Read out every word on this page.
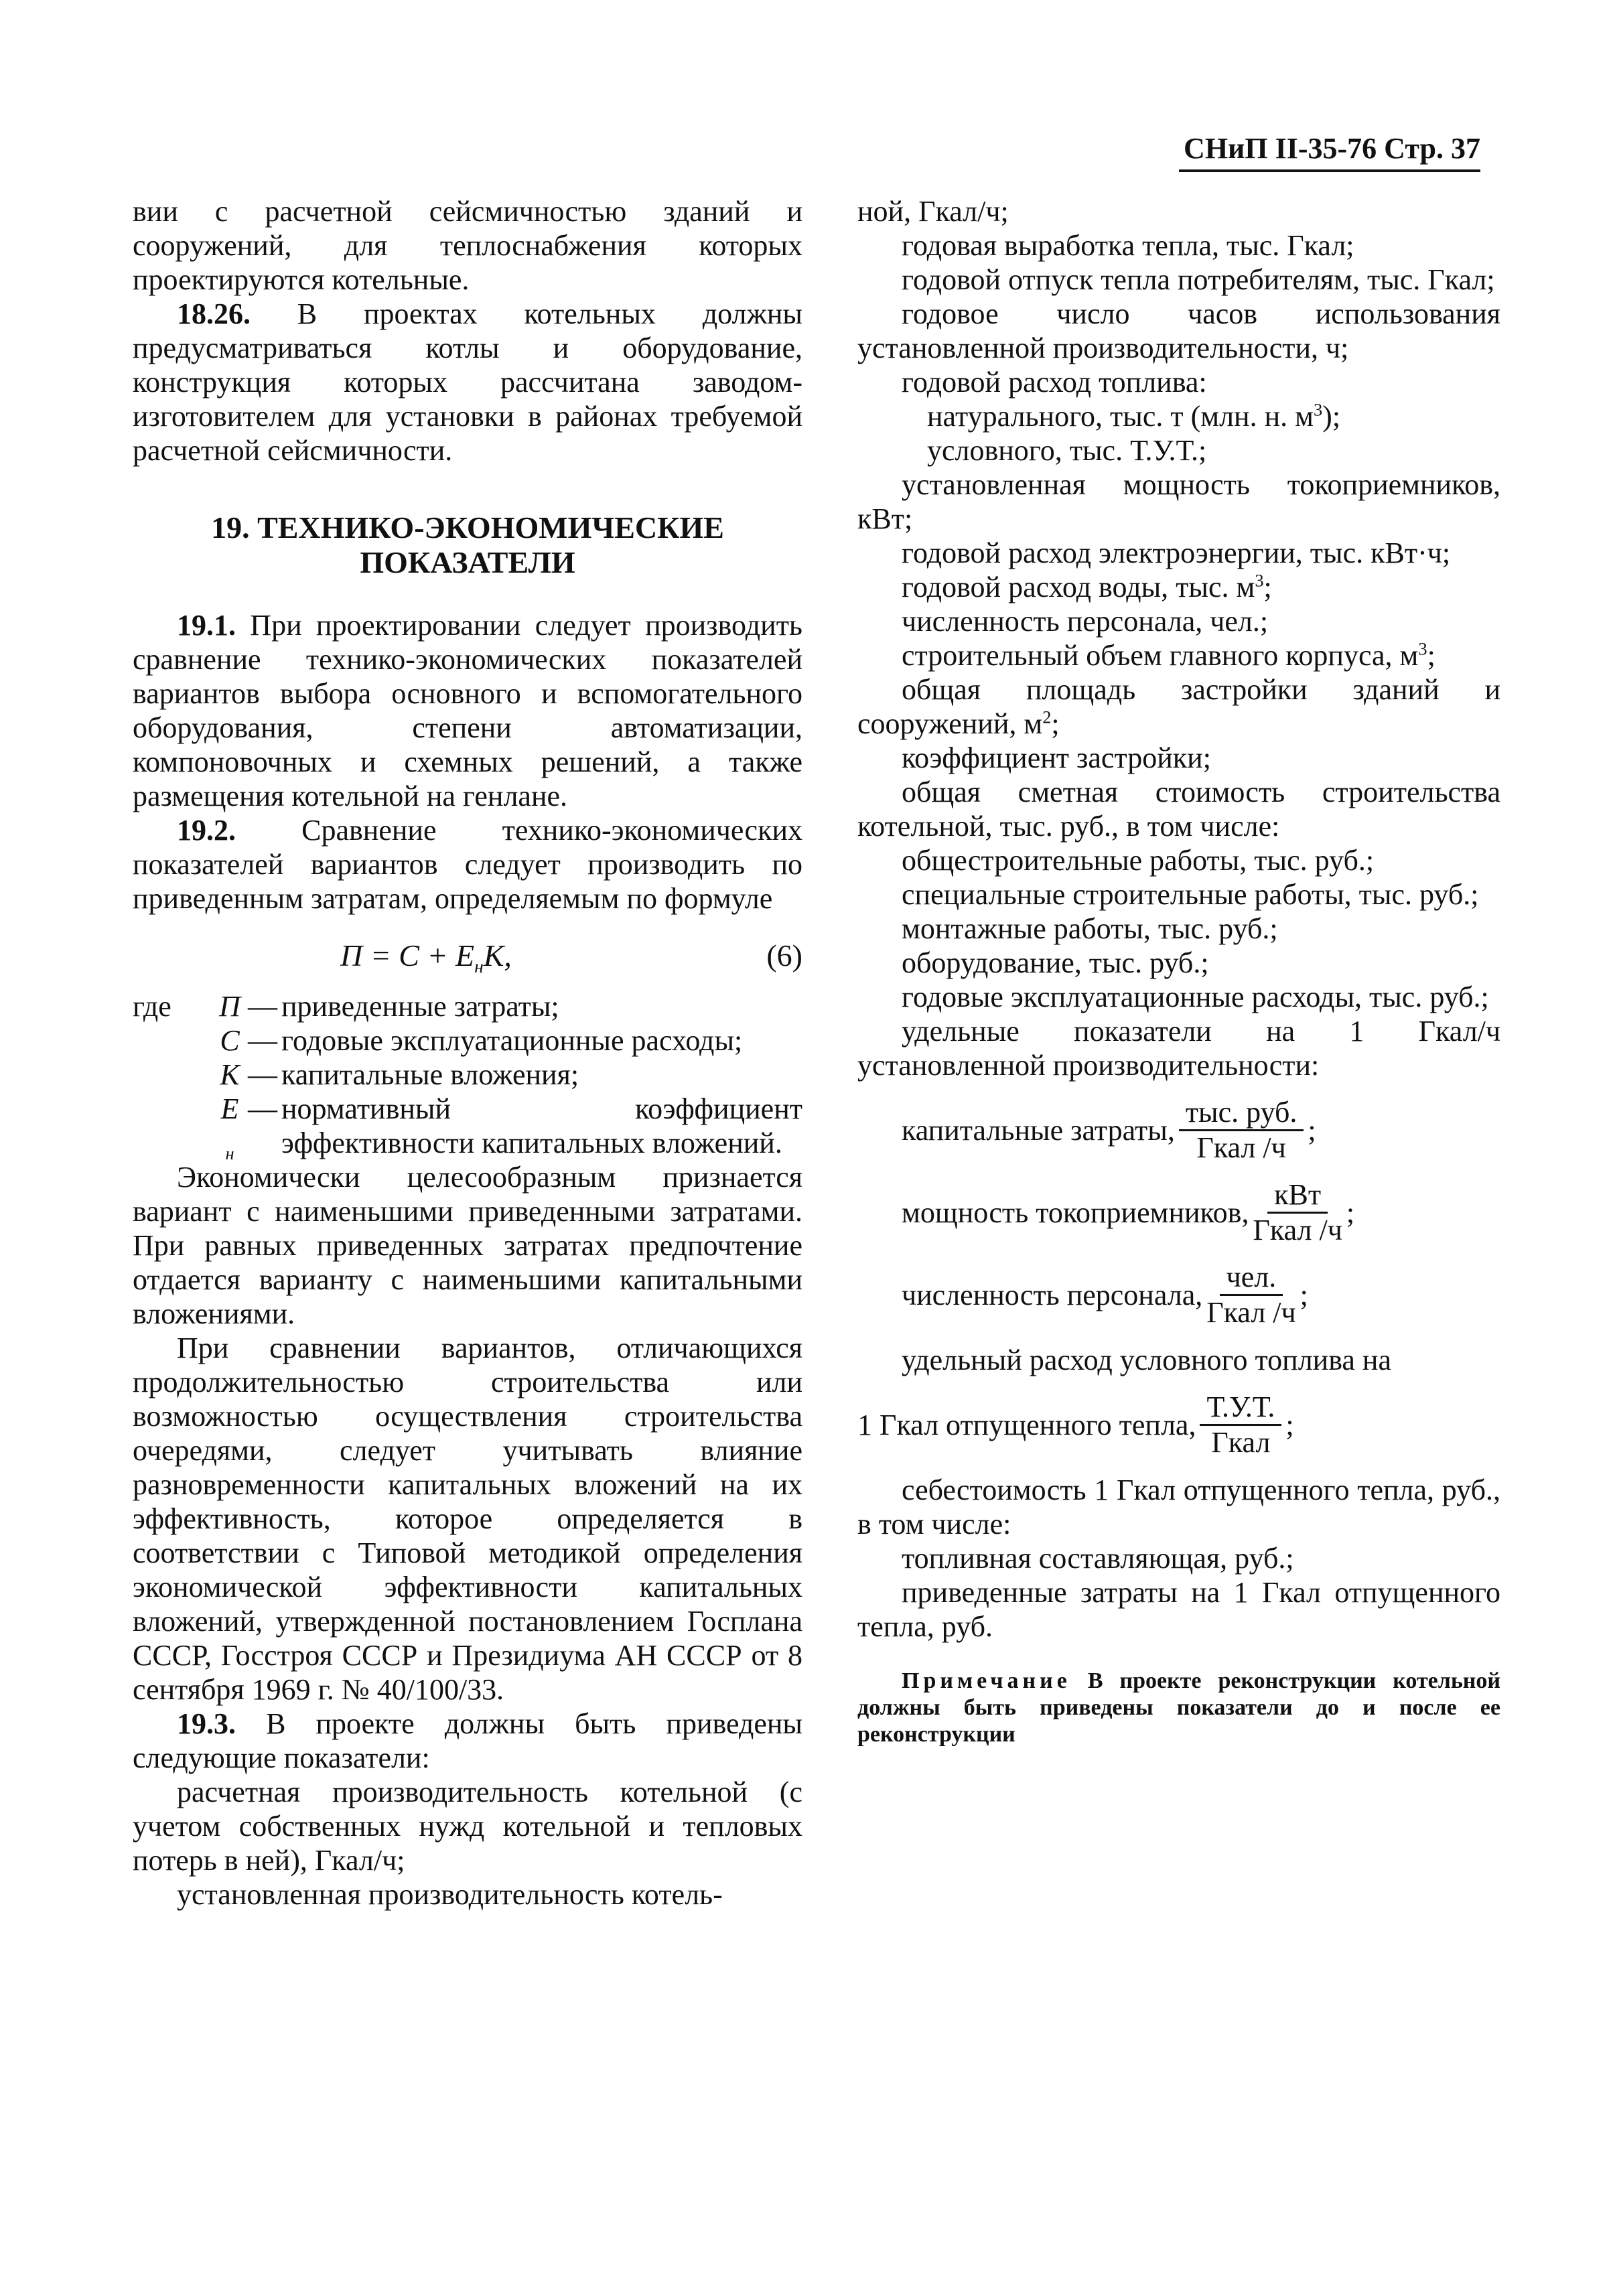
СНиП II-35-76 Стр. 37

вии с расчетной сейсмичностью зданий и сооружений, для теплоснабжения которых проектируются котельные.

18.26. В проектах котельных должны предусматриваться котлы и оборудование, конструкция которых рассчитана заводом-изготовителем для установки в районах требуемой расчетной сейсмичности.

19. ТЕХНИКО-ЭКОНОМИЧЕСКИЕ
ПОКАЗАТЕЛИ

19.1. При проектировании следует производить сравнение технико-экономических показателей вариантов выбора основного и вспомогательного оборудования, степени автоматизации, компоновочных и схемных решений, а также размещения котельной на генлане.

19.2. Сравнение технико-экономических показателей вариантов следует производить по приведенным затратам, определяемым по формуле

$П = С + Е_нК$,	(6)
где	П — приведенные затраты;
С — годовые эксплуатационные расходы;
К — капитальные вложения;
Е
$_н$
— нормативный коэффициент эффективности капитальных вложений.

Экономически целесообразным признается вариант с наименьшими приведенными затратами. При равных приведенных затратах предпочтение отдается варианту с наименьшими капитальными вложениями.

При сравнении вариантов, отличающихся продолжительностью строительства или возможностью осуществления строительства очередями, следует учитывать влияние разновременности капитальных вложений на их эффективность, которое определяется в соответствии с Типовой методикой определения экономической эффективности капитальных вложений, утвержденной постановлением Госплана СССР, Госстроя СССР и Президиума АН СССР от 8 сентября 1969 г. № 40/100/33.

19.3. В проекте должны быть приведены следующие показатели:

расчетная производительность котельной (с учетом собственных нужд котельной и тепловых потерь в ней), Гкал/ч;

установленная производительность котель-

ной, Гкал/ч;

годовая выработка тепла, тыс. Гкал;

годовой отпуск тепла потребителям, тыс. Гкал;

годовое число часов использования установленной производительности, ч;

годовой расход топлива:

натурального, тыс. т (млн. н. $м^3$);

условного, тыс. Т.У.Т.;

установленная мощность токоприемников, кВт;

годовой расход электроэнергии, тыс. кВт·ч;

годовой расход воды, тыс. $м^3$;

численность персонала, чел.;

строительный объем главного корпуса, $м^3$;

общая площадь застройки зданий и сооружений, $м^2$;

коэффициент застройки;

общая сметная стоимость строительства котельной, тыс. руб., в том числе:

общестроительные работы, тыс. руб.;

специальные строительные работы, тыс. руб.;

монтажные работы, тыс. руб.;

оборудование, тыс. руб.;

годовые эксплуатационные расходы, тыс. руб.;

удельные показатели на 1 Гкал/ч установленной производительности:

капитальные затраты, $\frac{\text{тыс. руб.}}{\text{Гкал /ч}}$ ;
мощность токоприемников, $\frac{\text{кВт}}{\text{Гкал /ч}}$ ;
численность персонала, $\frac{\text{чел.}}{\text{Гкал /ч}}$ ;

удельный расход условного топлива на

1 Гкал отпущенного тепла, $\frac{Т.У.Т.}{\text{Гкал}}$ ;

себестоимость 1 Гкал отпущенного тепла, руб., в том числе:

топливная составляющая, руб.;

приведенные затраты на 1 Гкал отпущенного тепла, руб.

Примечание В проекте реконструкции котельной должны быть приведены показатели до и после ее реконструкции
